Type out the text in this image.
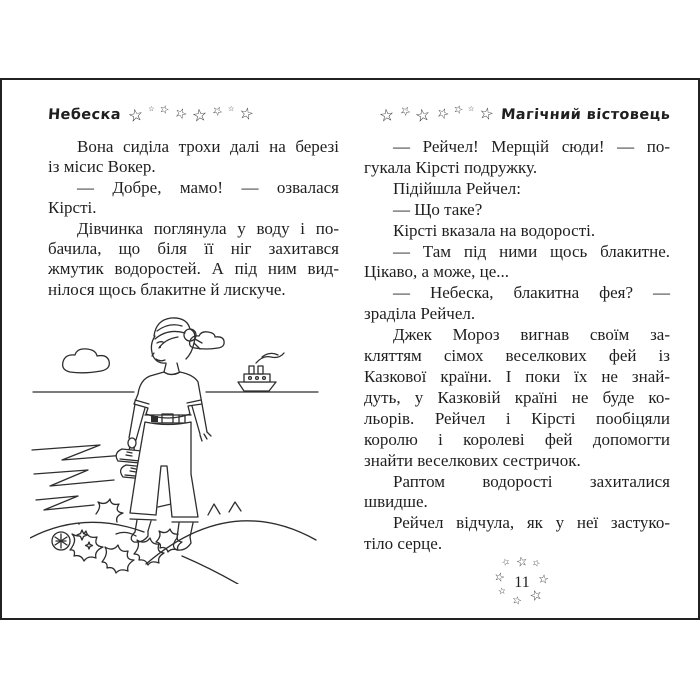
Небеска ☆ ☆ ☆ ☆ ☆ ☆ ☆ ☆	☆ ☆ ☆ ☆ ☆ ☆ ☆ Магічний вістовець
Вона сиділа трохи далі на березі
із місис Вокер.
— Добре, мамо! — озвалася
Кірсті.
Дівчинка поглянула у воду і по-
бачила, що біля її ніг захитався
жмутик водоростей. А під ним вид-
нілося щось блакитне й лискуче.
— Рейчел! Мерщій сюди! — по-
гукала Кірсті подружку.
Підійшла Рейчел:
— Що таке?
Кірсті вказала на водорості.
— Там під ними щось блакитне.
Цікаво, а може, це...
— Небеска, блакитна фея? —
зраділа Рейчел.
Джек Мороз вигнав своїм за-
кляттям сімох веселкових фей із
Казкової країни. І поки їх не знай-
дуть, у Казковій країні не буде ко-
льорів. Рейчел і Кірсті пообіцяли
королю і королеві фей допомогти
знайти веселкових сестричок.
Раптом водорості захиталися
швидше.
Рейчел відчула, як у неї застуко-
тіло серце.
☆ ☆
☆
☆
☆
☆
☆
☆
11
